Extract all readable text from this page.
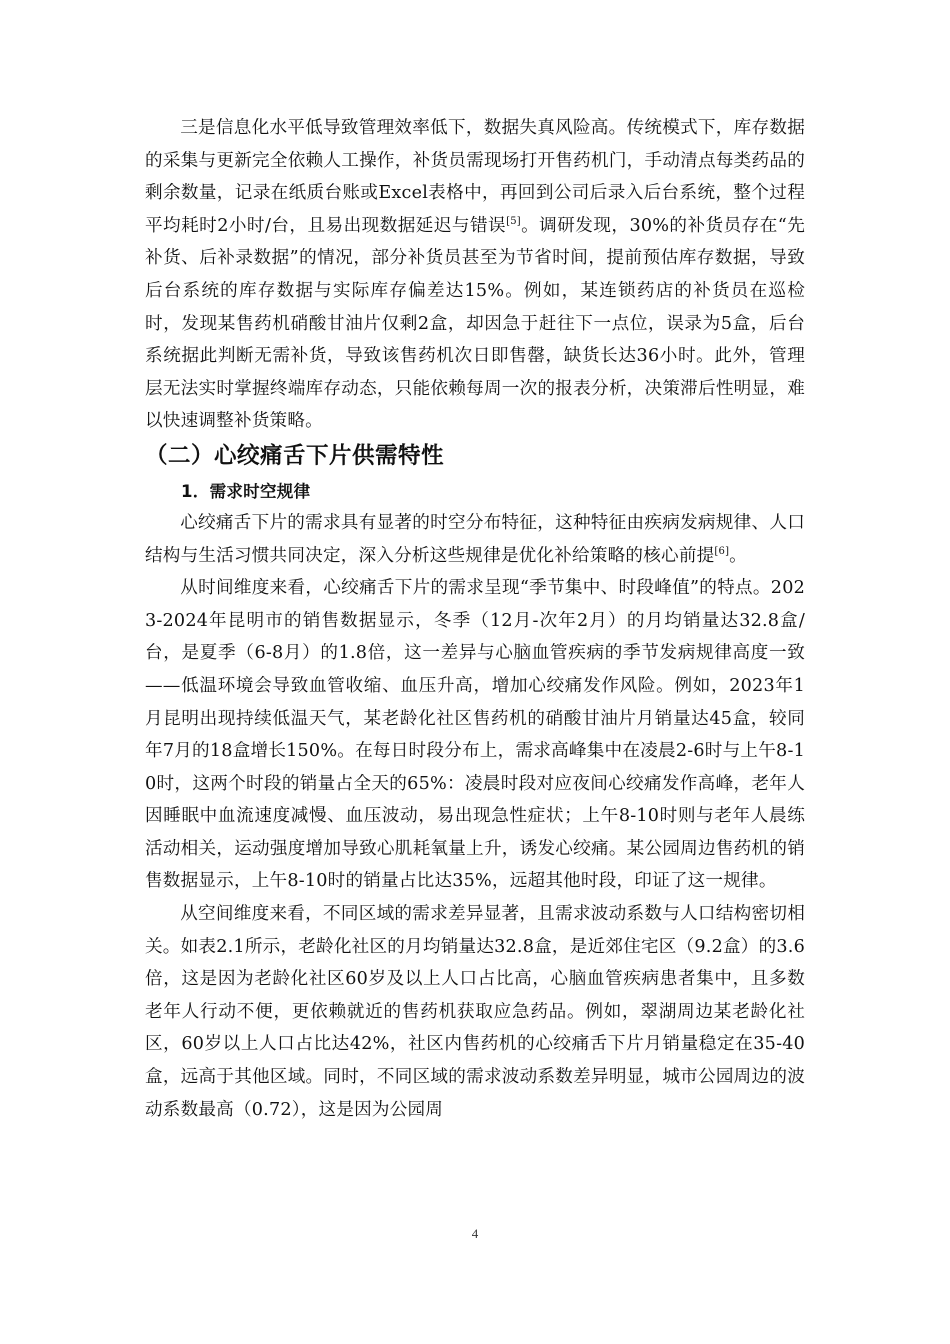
三是信息化水平低导致管理效率低下，数据失真风险高。传统模式下，库存数据的采集与更新完全依赖人工操作，补货员需现场打开售药机门，手动清点每类药品的剩余数量，记录在纸质台账或Excel表格中，再回到公司后录入后台系统，整个过程平均耗时2小时/台，且易出现数据延迟与错误[5]。调研发现，30%的补货员存在“先补货、后补录数据”的情况，部分补货员甚至为节省时间，提前预估库存数据，导致后台系统的库存数据与实际库存偏差达15%。例如，某连锁药店的补货员在巡检时，发现某售药机硝酸甘油片仅剩2盒，却因急于赶往下一点位，误录为5盒，后台系统据此判断无需补货，导致该售药机次日即售罄，缺货长达36小时。此外，管理层无法实时掌握终端库存动态，只能依赖每周一次的报表分析，决策滞后性明显，难以快速调整补货策略。

（二）心绞痛舌下片供需特性
1．需求时空规律

心绞痛舌下片的需求具有显著的时空分布特征，这种特征由疾病发病规律、人口结构与生活习惯共同决定，深入分析这些规律是优化补给策略的核心前提[6]。

从时间维度来看，心绞痛舌下片的需求呈现“季节集中、时段峰值”的特点。2023-2024年昆明市的销售数据显示，冬季（12月-次年2月）的月均销量达32.8盒/台，是夏季（6-8月）的1.8倍，这一差异与心脑血管疾病的季节发病规律高度一致——低温环境会导致血管收缩、血压升高，增加心绞痛发作风险。例如，2023年1月昆明出现持续低温天气，某老龄化社区售药机的硝酸甘油片月销量达45盒，较同年7月的18盒增长150%。在每日时段分布上，需求高峰集中在凌晨2-6时与上午8-10时，这两个时段的销量占全天的65%：凌晨时段对应夜间心绞痛发作高峰，老年人因睡眠中血流速度减慢、血压波动，易出现急性症状；上午8-10时则与老年人晨练活动相关，运动强度增加导致心肌耗氧量上升，诱发心绞痛。某公园周边售药机的销售数据显示，上午8-10时的销量占比达35%，远超其他时段，印证了这一规律。

从空间维度来看，不同区域的需求差异显著，且需求波动系数与人口结构密切相关。如表2.1所示，老龄化社区的月均销量达32.8盒，是近郊住宅区（9.2盒）的3.6倍，这是因为老龄化社区60岁及以上人口占比高，心脑血管疾病患者集中，且多数老年人行动不便，更依赖就近的售药机获取应急药品。例如，翠湖周边某老龄化社区，60岁以上人口占比达42%，社区内售药机的心绞痛舌下片月销量稳定在35-40盒，远高于其他区域。同时，不同区域的需求波动系数差异明显，城市公园周边的波动系数最高（0.72），这是因为公园周

4
